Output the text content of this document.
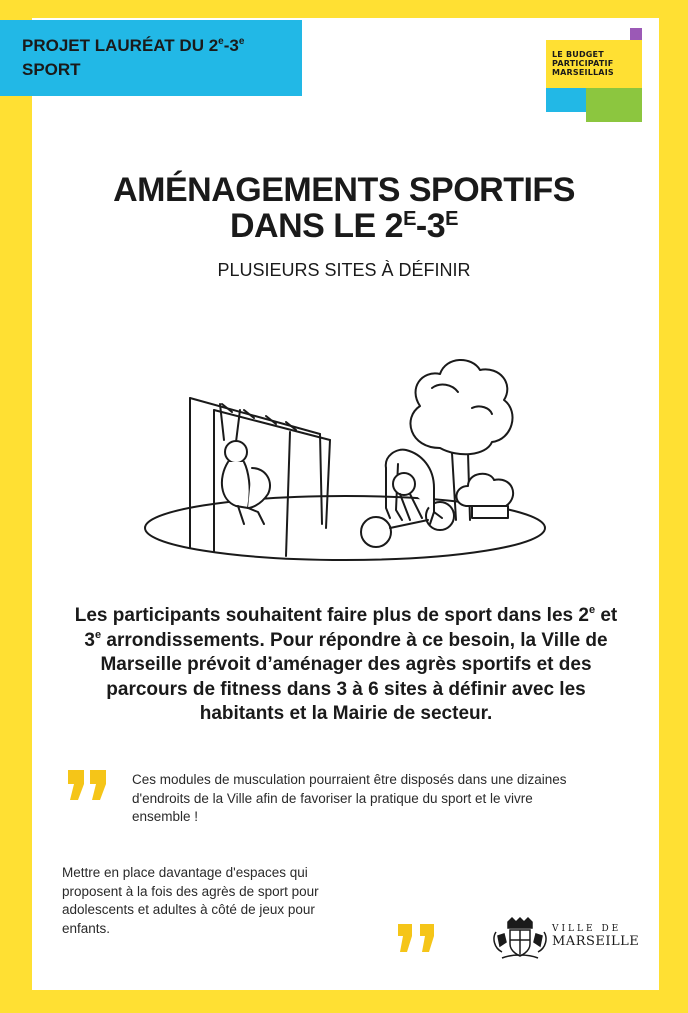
PROJET LAURÉAT DU 2e-3e
SPORT
LE BUDGET
PARTICIPATIF
MARSEILLAIS
AMÉNAGEMENTS SPORTIFS
DANS LE $2^E-3^E$
PLUSIEURS SITES À DÉFINIR
Les participants souhaitent faire plus de sport dans les 2e et 3e arrondissements. Pour répondre à ce besoin, la Ville de Marseille prévoit d’aménager des agrès sportifs et des parcours de fitness dans 3 à 6 sites à définir avec les habitants et la Mairie de secteur.
Ces modules de musculation pourraient être disposés dans une dizaines d'endroits de la Ville afin de favoriser la pratique du sport et le vivre ensemble !
Mettre en place davantage d'espaces qui proposent à la fois des agrès de sport pour adolescents et adultes à côté de jeux pour enfants.	VILLE DE
MARSEILLE
